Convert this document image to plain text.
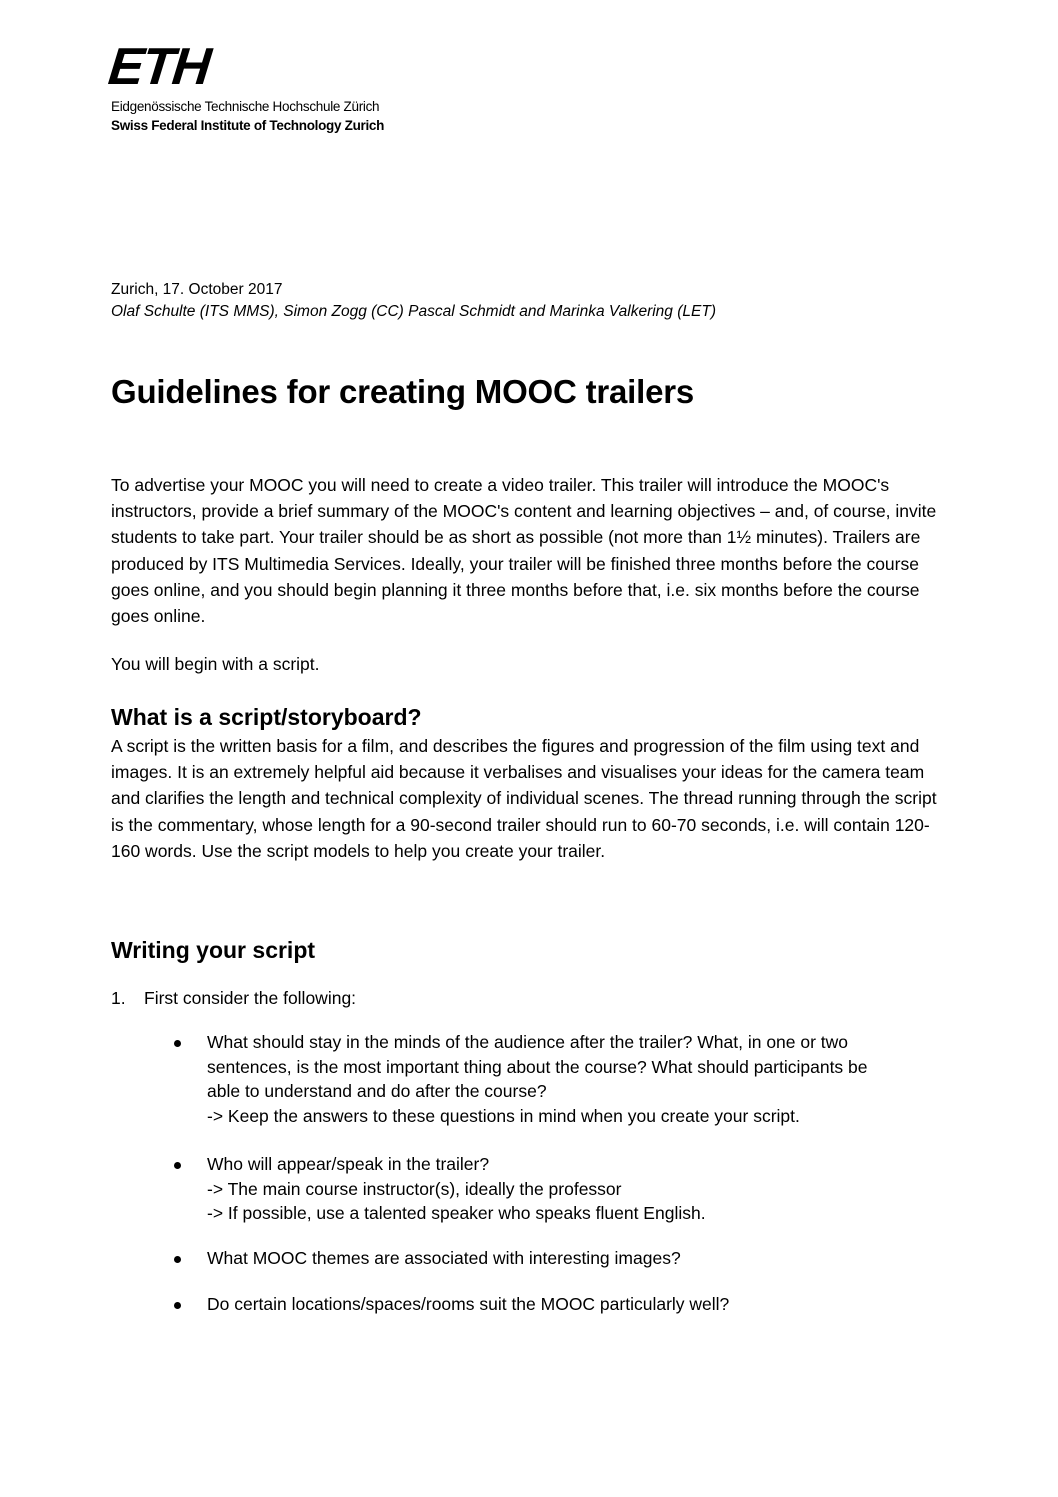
ETH
Eidgenössische Technische Hochschule Zürich
Swiss Federal Institute of Technology Zurich
Zurich, 17. October 2017
Olaf Schulte (ITS MMS), Simon Zogg (CC) Pascal Schmidt and Marinka Valkering (LET)
Guidelines for creating MOOC trailers

To advertise your MOOC you will need to create a video trailer. This trailer will introduce the MOOC's instructors, provide a brief summary of the MOOC's content and learning objectives – and, of course, invite students to take part. Your trailer should be as short as possible (not more than 1½ minutes). Trailers are produced by ITS Multimedia Services. Ideally, your trailer will be finished three months before the course goes online, and you should begin planning it three months before that, i.e. six months before the course goes online.

You will begin with a script.

What is a script/storyboard?

A script is the written basis for a film, and describes the figures and progression of the film using text and images. It is an extremely helpful aid because it verbalises and visualises your ideas for the camera team and clarifies the length and technical complexity of individual scenes. The thread running through the script is the commentary, whose length for a 90-second trailer should run to 60-70 seconds, i.e. will contain 120-160 words. Use the script models to help you create your trailer.

Writing your script
1. First consider the following:
What should stay in the minds of the audience after the trailer? What, in one or two
sentences, is the most important thing about the course? What should participants be
able to understand and do after the course?
-> Keep the answers to these questions in mind when you create your script.
Who will appear/speak in the trailer?
-> The main course instructor(s), ideally the professor
-> If possible, use a talented speaker who speaks fluent English.
What MOOC themes are associated with interesting images?
Do certain locations/spaces/rooms suit the MOOC particularly well?
